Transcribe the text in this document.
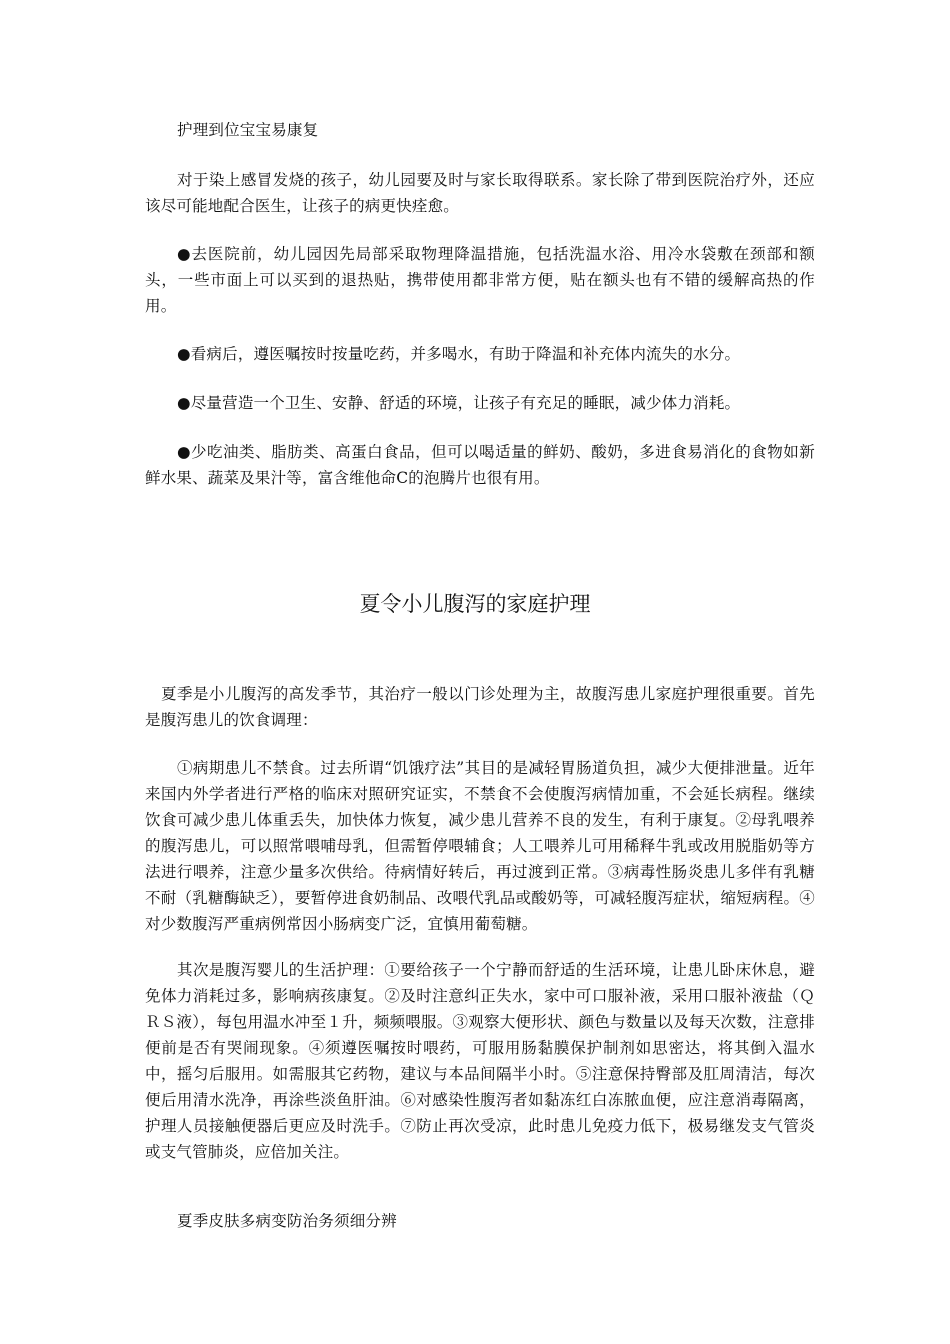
护理到位宝宝易康复

对于染上感冒发烧的孩子，幼儿园要及时与家长取得联系。家长除了带到医院治疗外，还应该尽可能地配合医生，让孩子的病更快痊愈。

●去医院前，幼儿园因先局部采取物理降温措施，包括洗温水浴、用冷水袋敷在颈部和额头，一些市面上可以买到的退热贴，携带使用都非常方便，贴在额头也有不错的缓解高热的作用。

●看病后，遵医嘱按时按量吃药，并多喝水，有助于降温和补充体内流失的水分。

●尽量营造一个卫生、安静、舒适的环境，让孩子有充足的睡眠，减少体力消耗。

●少吃油类、脂肪类、高蛋白食品，但可以喝适量的鲜奶、酸奶，多进食易消化的食物如新鲜水果、蔬菜及果汁等，富含维他命C的泡腾片也很有用。

夏令小儿腹泻的家庭护理

夏季是小儿腹泻的高发季节，其治疗一般以门诊处理为主，故腹泻患儿家庭护理很重要。首先是腹泻患儿的饮食调理：

①病期患儿不禁食。过去所谓“饥饿疗法”其目的是减轻胃肠道负担，减少大便排泄量。近年来国内外学者进行严格的临床对照研究证实，不禁食不会使腹泻病情加重，不会延长病程。继续饮食可减少患儿体重丢失，加快体力恢复，减少患儿营养不良的发生，有利于康复。②母乳喂养的腹泻患儿，可以照常喂哺母乳，但需暂停喂辅食；人工喂养儿可用稀释牛乳或改用脱脂奶等方法进行喂养，注意少量多次供给。待病情好转后，再过渡到正常。③病毒性肠炎患儿多伴有乳糖不耐（乳糖酶缺乏），要暂停进食奶制品、改喂代乳品或酸奶等，可减轻腹泻症状，缩短病程。④对少数腹泻严重病例常因小肠病变广泛，宜慎用葡萄糖。

其次是腹泻婴儿的生活护理：①要给孩子一个宁静而舒适的生活环境，让患儿卧床休息，避免体力消耗过多，影响病孩康复。②及时注意纠正失水，家中可口服补液，采用口服补液盐（ＱＲＳ液），每包用温水冲至１升，频频喂服。③观察大便形状、颜色与数量以及每天次数，注意排便前是否有哭闹现象。④须遵医嘱按时喂药，可服用肠黏膜保护制剂如思密达，将其倒入温水中，摇匀后服用。如需服其它药物，建议与本品间隔半小时。⑤注意保持臀部及肛周清洁，每次便后用清水洗净，再涂些淡鱼肝油。⑥对感染性腹泻者如黏冻红白冻脓血便，应注意消毒隔离，护理人员接触便器后更应及时洗手。⑦防止再次受凉，此时患儿免疫力低下，极易继发支气管炎或支气管肺炎，应倍加关注。

夏季皮肤多病变防治务须细分辨
